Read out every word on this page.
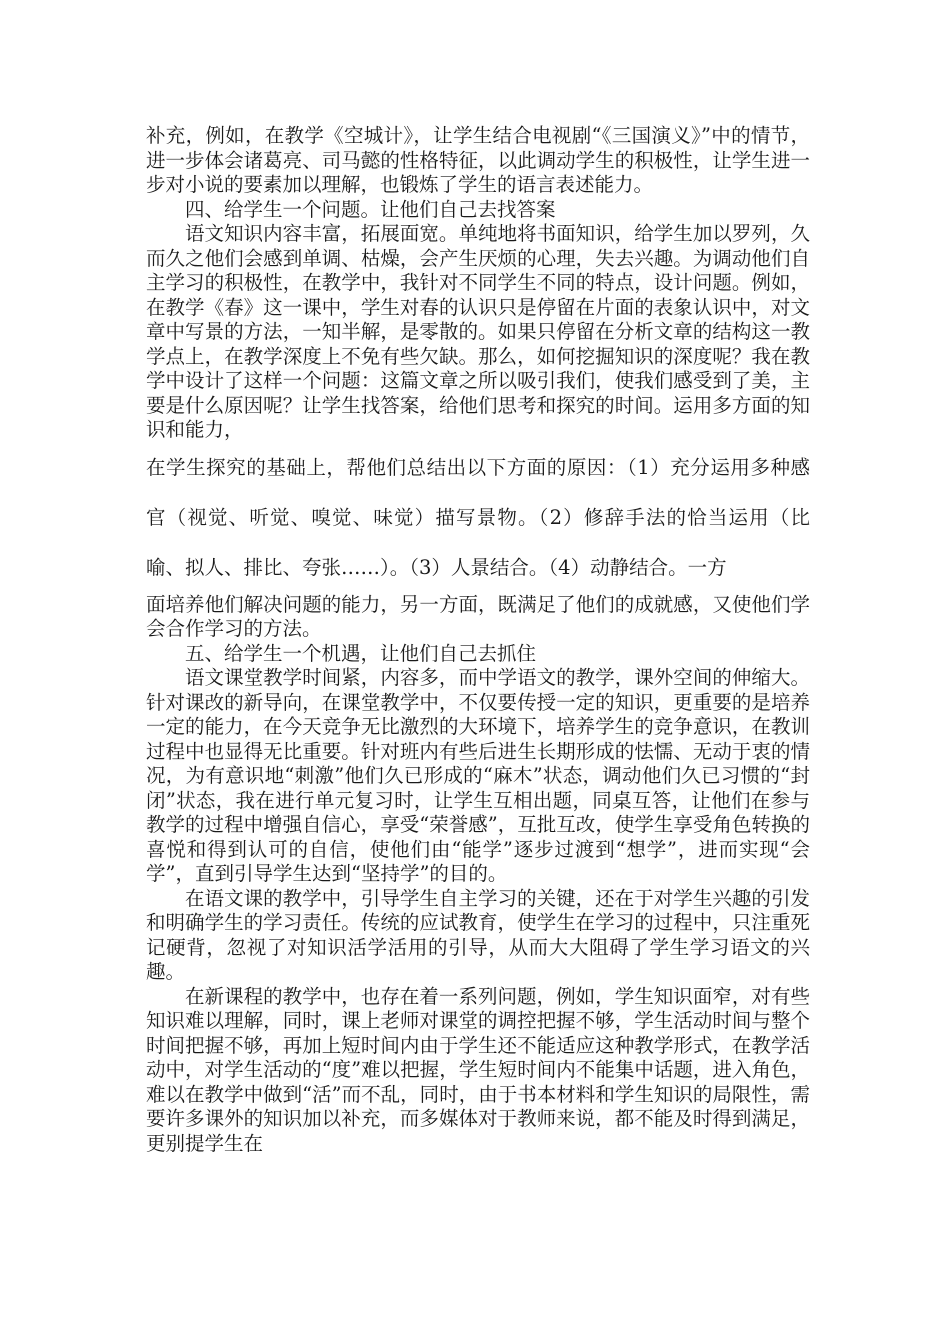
补充，例如，在教学《空城计》，让学生结合电视剧“《三国演义》”中的情节，进一步体会诸葛亮、司马懿的性格特征，以此调动学生的积极性，让学生进一步对小说的要素加以理解，也锻炼了学生的语言表述能力。

四、给学生一个问题。让他们自己去找答案

语文知识内容丰富，拓展面宽。单纯地将书面知识，给学生加以罗列，久而久之他们会感到单调、枯燥，会产生厌烦的心理，失去兴趣。为调动他们自主学习的积极性，在教学中，我针对不同学生不同的特点，设计问题。例如，在教学《春》这一课中，学生对春的认识只是停留在片面的表象认识中，对文章中写景的方法，一知半解，是零散的。如果只停留在分析文章的结构这一教学点上，在教学深度上不免有些欠缺。那么，如何挖掘知识的深度呢？我在教学中设计了这样一个问题：这篇文章之所以吸引我们，使我们感受到了美，主要是什么原因呢？让学生找答案，给他们思考和探究的时间。运用多方面的知识和能力，

在学生探究的基础上，帮他们总结出以下方面的原因：（1）充分运用多种感官（视觉、听觉、嗅觉、味觉）描写景物。（2）修辞手法的恰当运用（比喻、拟人、排比、夸张……）。（3）人景结合。（4）动静结合。一方

面培养他们解决问题的能力，另一方面，既满足了他们的成就感，又使他们学会合作学习的方法。

五、给学生一个机遇，让他们自己去抓住

语文课堂教学时间紧，内容多，而中学语文的教学，课外空间的伸缩大。针对课改的新导向，在课堂教学中，不仅要传授一定的知识，更重要的是培养一定的能力，在今天竞争无比激烈的大环境下，培养学生的竞争意识，在教训过程中也显得无比重要。针对班内有些后进生长期形成的怯懦、无动于衷的情况，为有意识地“刺激”他们久已形成的“麻木”状态，调动他们久已习惯的“封闭”状态，我在进行单元复习时，让学生互相出题，同桌互答，让他们在参与教学的过程中增强自信心，享受“荣誉感”，互批互改，使学生享受角色转换的喜悦和得到认可的自信，使他们由“能学”逐步过渡到“想学”，进而实现“会学”，直到引导学生达到“坚持学”的目的。

在语文课的教学中，引导学生自主学习的关键，还在于对学生兴趣的引发和明确学生的学习责任。传统的应试教育，使学生在学习的过程中，只注重死记硬背，忽视了对知识活学活用的引导，从而大大阻碍了学生学习语文的兴趣。

在新课程的教学中，也存在着一系列问题，例如，学生知识面窄，对有些知识难以理解，同时，课上老师对课堂的调控把握不够，学生活动时间与整个时间把握不够，再加上短时间内由于学生还不能适应这种教学形式，在教学活动中，对学生活动的“度”难以把握，学生短时间内不能集中话题，进入角色，难以在教学中做到“活”而不乱，同时，由于书本材料和学生知识的局限性，需要许多课外的知识加以补充，而多媒体对于教师来说，都不能及时得到满足，更别提学生在
